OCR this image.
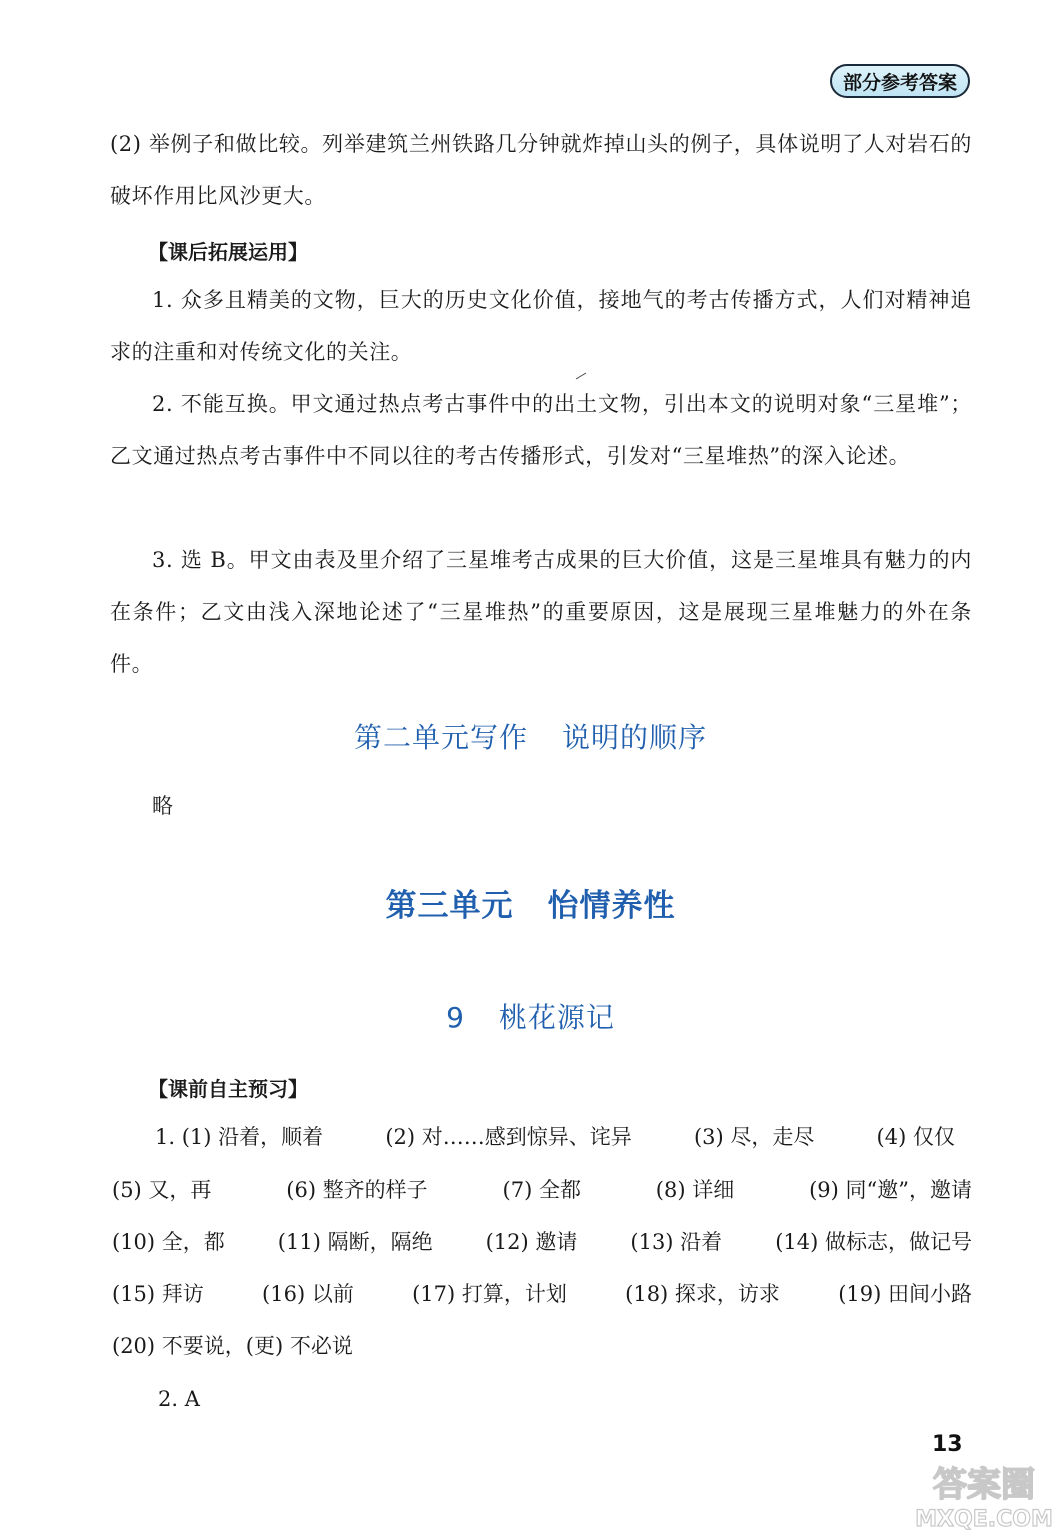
部分参考答案

(2) 举例子和做比较。列举建筑兰州铁路几分钟就炸掉山头的例子，具体说明了人对岩石的破坏作用比风沙更大。

【课后拓展运用】

1. 众多且精美的文物，巨大的历史文化价值，接地气的考古传播方式，人们对精神追求的注重和对传统文化的关注。

2. 不能互换。甲文通过热点考古事件中的出土文物，引出本文的说明对象“三星堆”；乙文通过热点考古事件中不同以往的考古传播形式，引发对“三星堆热”的深入论述。

3. 选 B。甲文由表及里介绍了三星堆考古成果的巨大价值，这是三星堆具有魅力的内在条件；乙文由浅入深地论述了“三星堆热”的重要原因，这是展现三星堆魅力的外在条件。

第二单元写作 说明的顺序
略
第三单元 怡情养性
9 桃花源记
【课前自主预习】
1. (1) 沿着，顺着	(2) 对……感到惊异、诧异	(3) 尽，走尽	(4) 仅仅
(5) 又，再	(6) 整齐的样子	(7) 全都	(8) 详细	(9) 同“邀”，邀请
(10) 全，都	(11) 隔断，隔绝	(12) 邀请	(13) 沿着	(14) 做标志，做记号
(15) 拜访	(16) 以前	(17) 打算，计划	(18) 探求，访求	(19) 田间小路
(20) 不要说，(更) 不必说
2. A
13
答案圈
MXQE.COM
